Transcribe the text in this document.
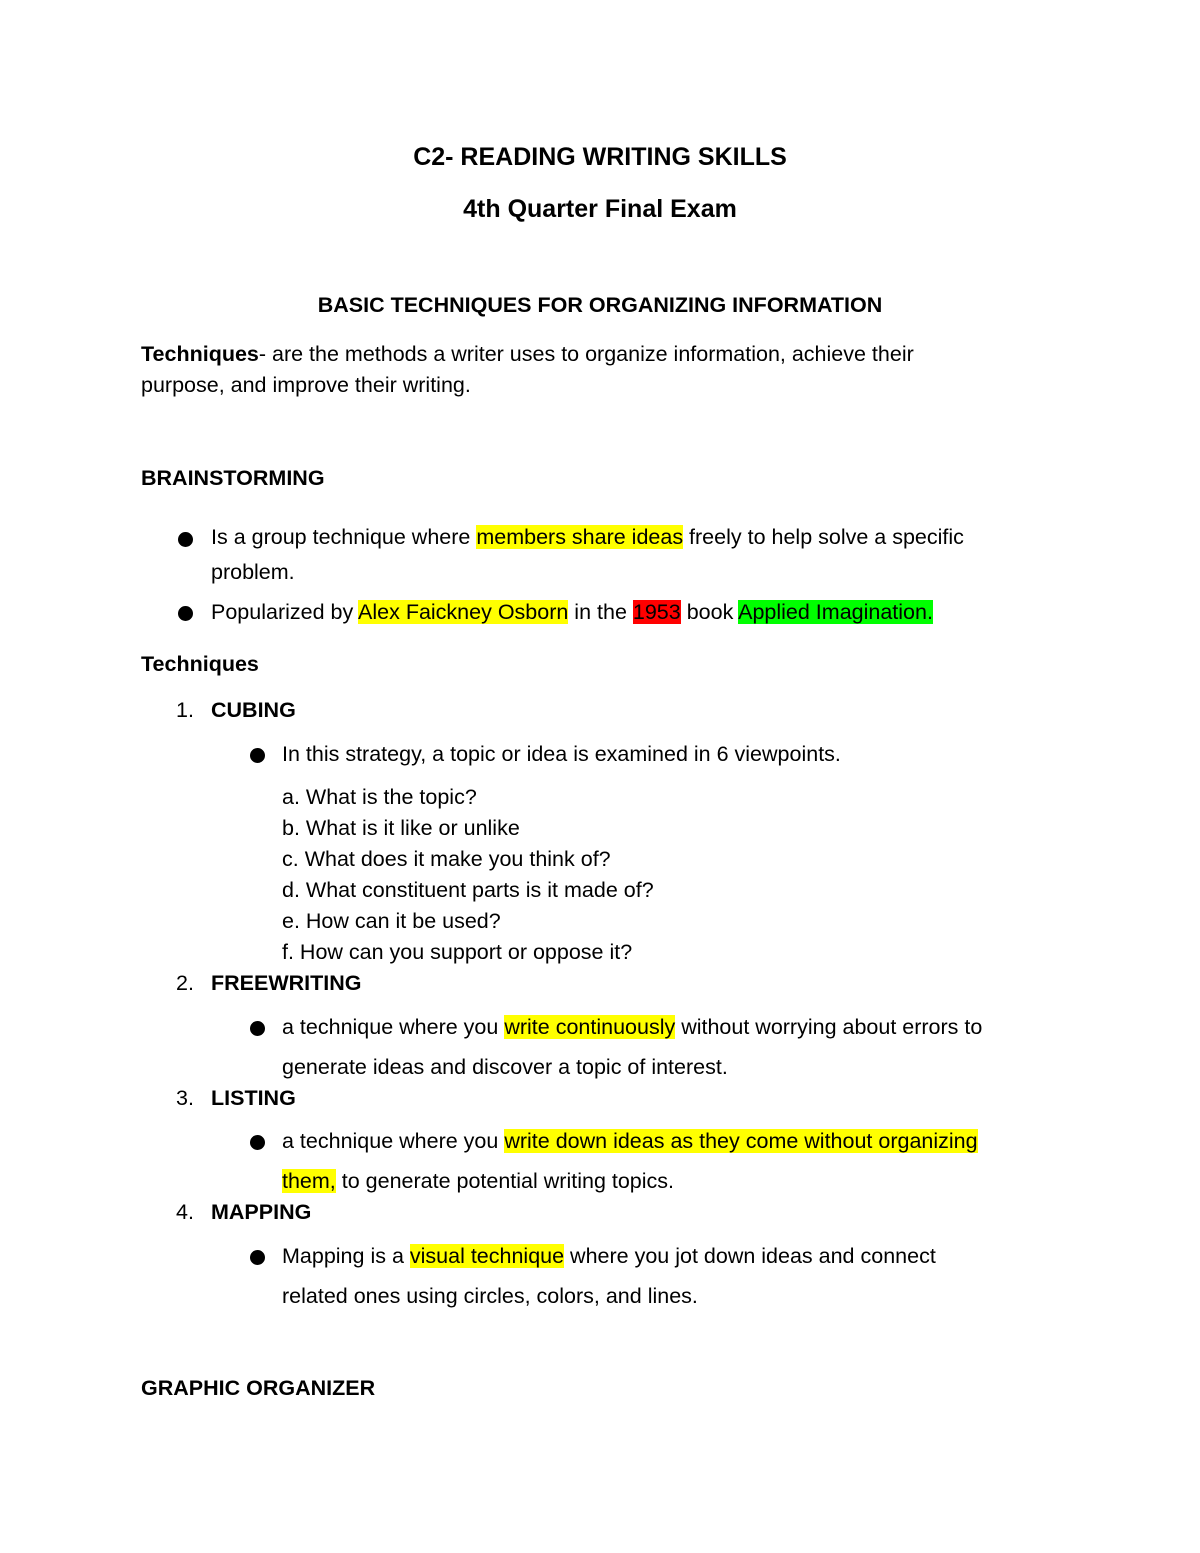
C2- READING WRITING SKILLS
4th Quarter Final Exam
BASIC TECHNIQUES FOR ORGANIZING INFORMATION
Techniques- are the methods a writer uses to organize information, achieve their
purpose, and improve their writing.
BRAINSTORMING
Is a group technique where members share ideas freely to help solve a specific
problem.
Popularized by Alex Faickney Osborn in the 1953 book Applied Imagination.
Techniques
1. CUBING
In this strategy, a topic or idea is examined in 6 viewpoints.
a. What is the topic?
b. What is it like or unlike
c. What does it make you think of?
d. What constituent parts is it made of?
e. How can it be used?
f. How can you support or oppose it?
2. FREEWRITING
a technique where you write continuously without worrying about errors to
generate ideas and discover a topic of interest.
3. LISTING
a technique where you write down ideas as they come without organizing
them, to generate potential writing topics.
4. MAPPING
Mapping is a visual technique where you jot down ideas and connect
related ones using circles, colors, and lines.
GRAPHIC ORGANIZER
